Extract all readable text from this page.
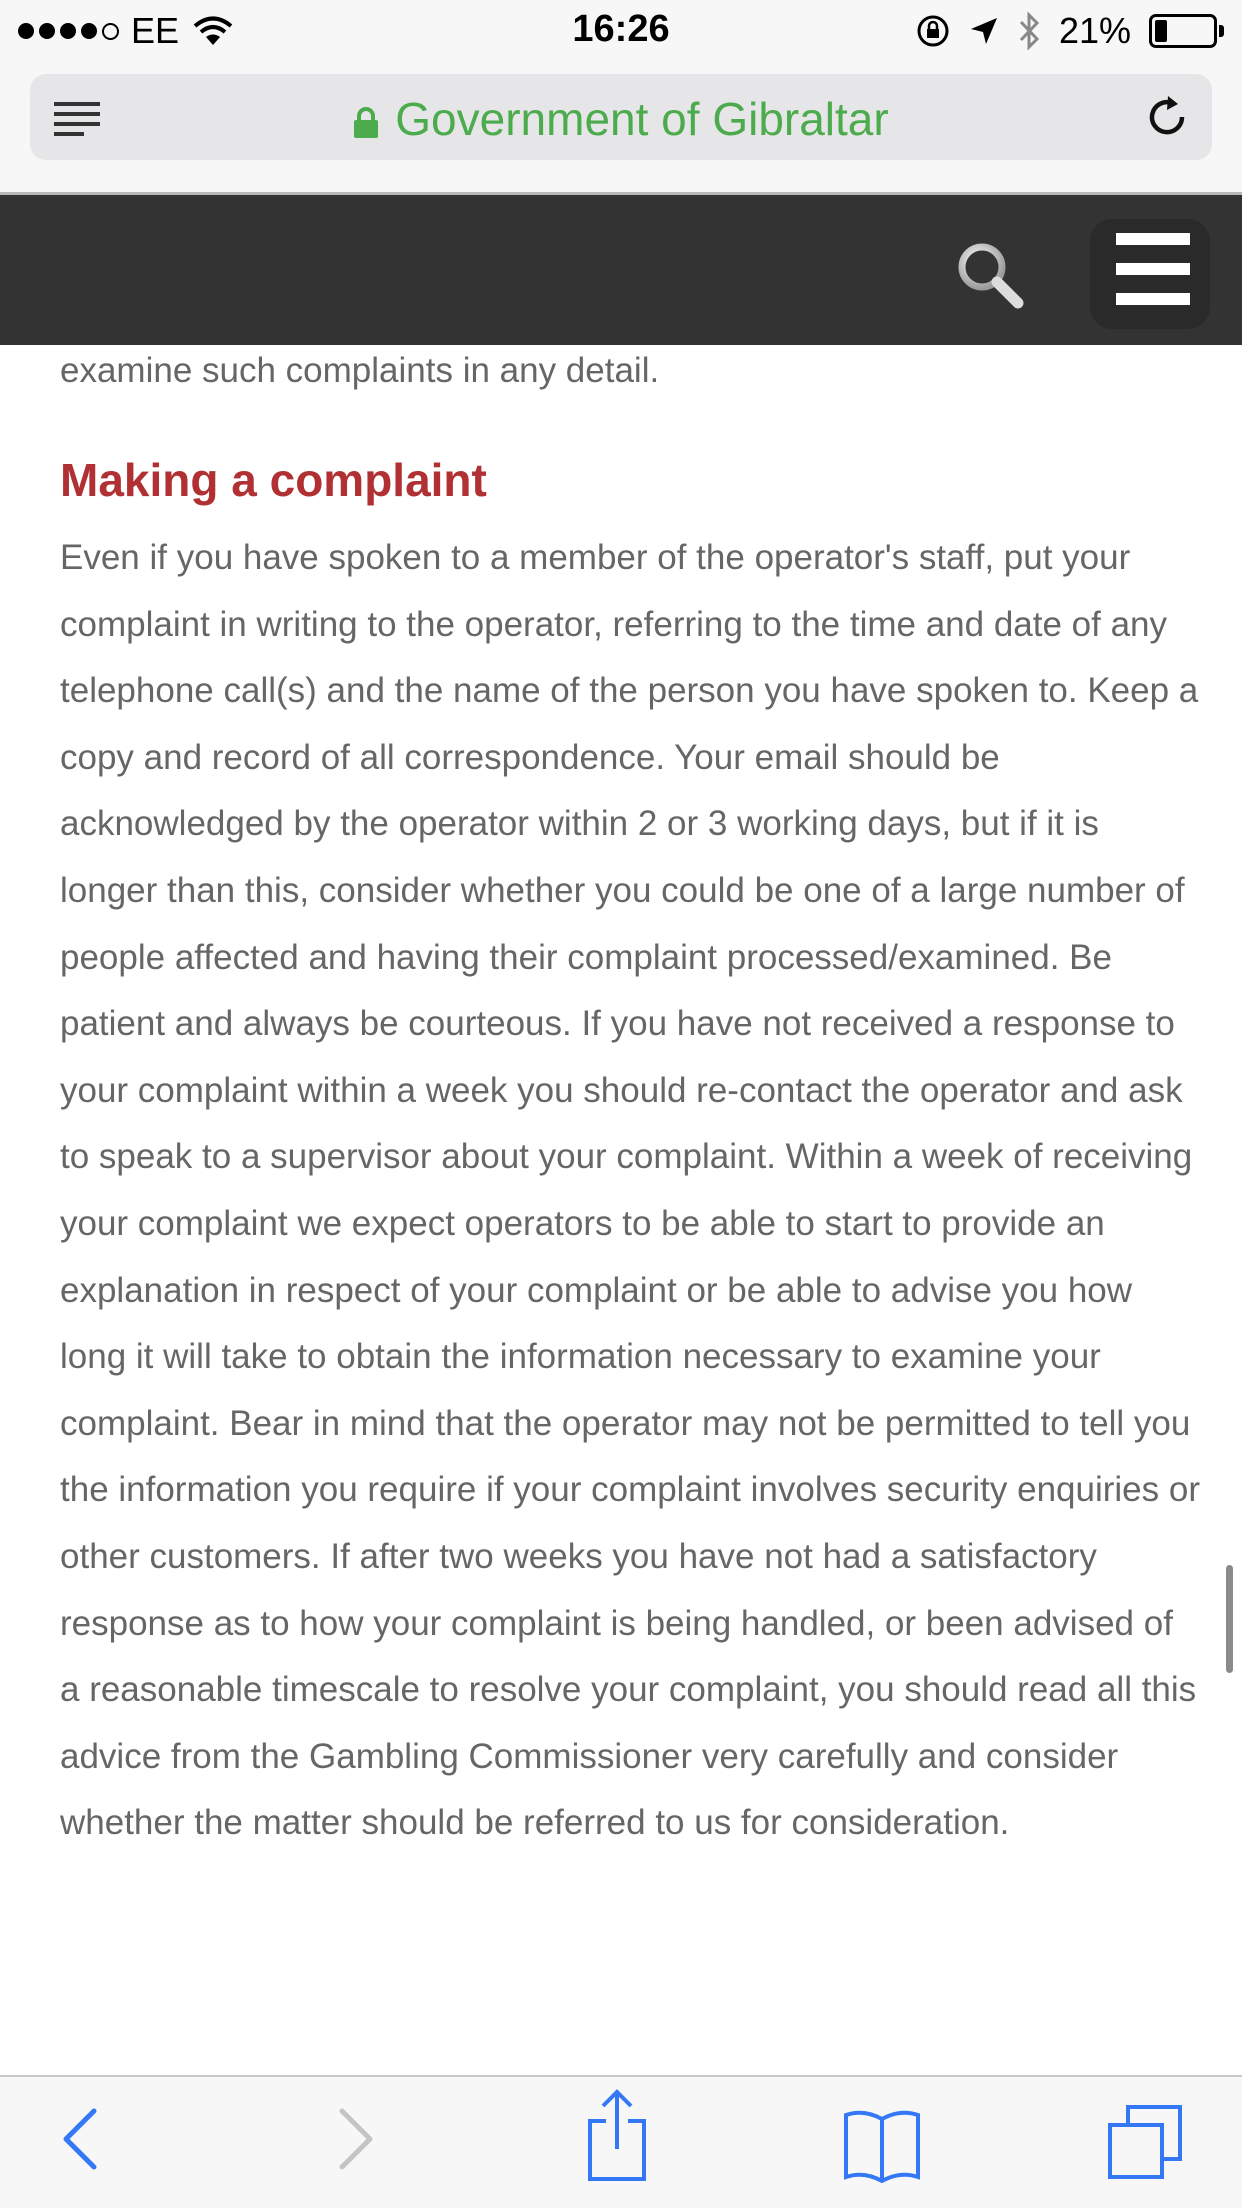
EE	16:26	21%
Government of Gibraltar
examine such complaints in any detail.
Making a complaint

Even if you have spoken to a member of the operator's staff, put your complaint in writing to the operator, referring to the time and date of any telephone call(s) and the name of the person you have spoken to. Keep a copy and record of all correspondence. Your email should be acknowledged by the operator within 2 or 3 working days, but if it is longer than this, consider whether you could be one of a large number of people affected and having their complaint processed/examined. Be patient and always be courteous. If you have not received a response to your complaint within a week you should re-contact the operator and ask to speak to a supervisor about your complaint. Within a week of receiving your complaint we expect operators to be able to start to provide an explanation in respect of your complaint or be able to advise you how long it will take to obtain the information necessary to examine your complaint. Bear in mind that the operator may not be permitted to tell you the information you require if your complaint involves security enquiries or other customers. If after two weeks you have not had a satisfactory response as to how your complaint is being handled, or been advised of a reasonable timescale to resolve your complaint, you should read all this advice from the Gambling Commissioner very carefully and consider whether the matter should be referred to us for consideration.
